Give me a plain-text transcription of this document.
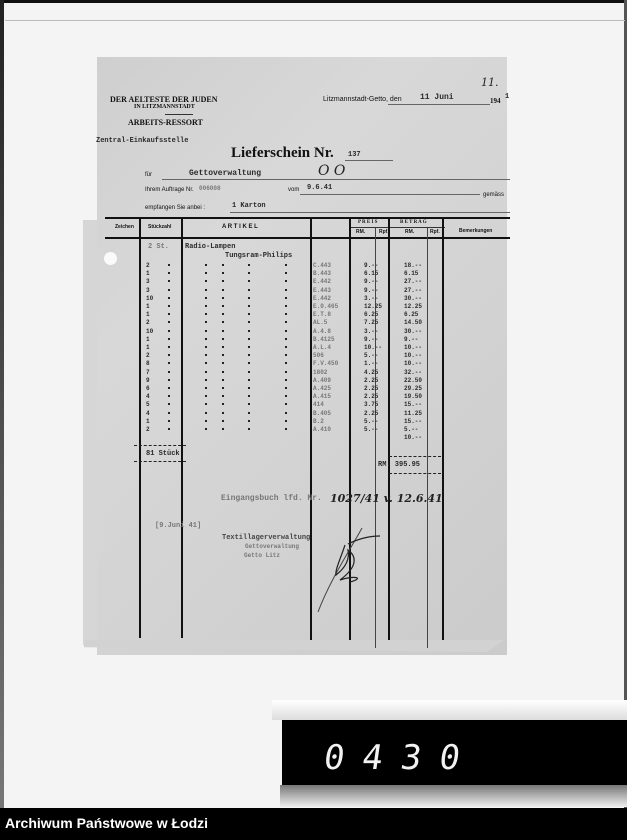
DER AELTESTE DER JUDEN
IN LITZMANNSTADT
ARBEITS-RESSORT
Zentral-Einkaufsstelle
Litzmannstadt-Getto, den 11 Juni	194 1
11.
Lieferschein Nr. 137
für	Gettoverwaltung	O O
Ihrem Auftrage Nr. 006008	vom 9.6.41
gemäss
empfangen Sie anbei :	1 Karton
Zeichen	Stückzahl	A R T I K E L
P R E I S	B E T R A G
RM.	Rpf.	RM.	Rpf.	Bemerkungen
2 St. Radio-Lampen
Tungsram-Philips
2	C.443	9.--	18.--
1	B.443	6.15	6.15
3	E.442	9.--	27.--
3	E.443	9.--	27.--
10	E.442	3.--	30.--
1	E.0.465	12.25	12.25
1	E.T.8	6.25	6.25
2	AL.5	7.25	14.50
10	A.4.8	3.--	30.--
1	B.4125	9.--	9.--
1	A.L.4	10.--	10.--
2	506	5.--	10.--
8	F.V.450	1.--	10.--
7	1802	4.25	32.--
9	A.409	2.25	22.50
6	A.425	2.25	29.25
4	A.415	2.25	19.50
5	414	3.75	15.--
4	B.405	2.25	11.25
1	B.2	5.--	15.--
2	A.410	5.--	5.--
10.--
81 Stück
RM. 395.95
Eingangsbuch lfd. Nr. 1027/41 v. 12.6.41
[9.Juni 41]
Textillagerverwaltung
Gettoverwaltung
Getto Litz
0430
Archiwum Państwowe w Łodzi
